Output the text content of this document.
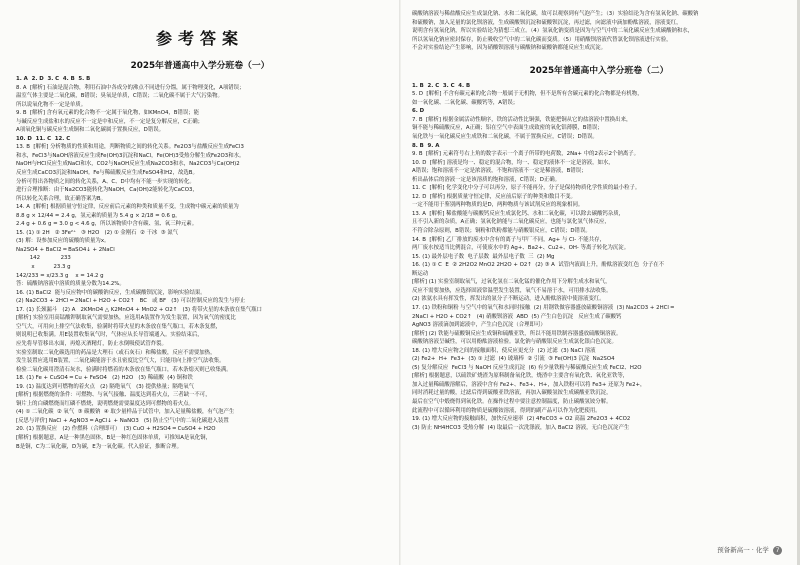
参考答案
2025年普通高中入学分班卷（一）

1. A  2. D  3. C  4. B  5. B

8. A  [解析] 石油是混合物，利用石油中各成分的沸点不同进行分馏，属于物理变化，A项错误；

温室气体主要是二氧化碳，B错误；臭氧是单质，C错误；二氧化碳不属于大气污染物。

所以说氧化物不一定是单质。

9. B  [解析] 含有氧元素的化合物不一定属于氧化物，如KMnO4，B错误；能

与碱反应生成盐和水的反应不一定是中和反应，不一定是复分解反应，C正确；

A项氧化铜与碳反应生成铜和二氧化碳属于置换反应，D错误。

10. D  11. C  12. C

13. B  [解析] 分析物质的性质和用途，判断物质之间的转化关系。Fe2O3与盐酸反应生成FeCl3

和水，FeCl3与NaOH溶液反应生成Fe(OH)3沉淀和NaCl，Fe(OH)3受热分解生成Fe2O3和水。

NaOH与HCl反应生成NaCl和水，CO2与NaOH反应生成Na2CO3和水，Na2CO3与Ca(OH)2

反应生成CaCO3沉淀和NaOH。Fe与稀硫酸反应生成FeSO4和H2，故选B。

分析可得出各物质之间的转化关系，A、C、D中均有不能一步实现的转化。

进行合理推断：由于Na2CO3能转化为NaOH，Ca(OH)2能转化为CaCO3，

所以转化关系合理，故正确答案为B。

14. A  [解析] 根据质量守恒定律，反应前后元素的种类和质量不变，生成物中碳元素的质量为

8.8 g × 12/44 = 2.4 g，氢元素的质量为 5.4 g × 2/18 = 0.6 g，

2.4 g + 0.6 g = 3.0 g < 4.6 g，所以该物质中含有碳、氢、氧三种元素。

15. (1) ① 2H   ② 3Fe²⁺   ③ H2O   (2) ① 金刚石  ② 干冰  ③ 氮气

(3) 解：设参加反应的硫酸的质量为x。

Na2SO4 + BaCl2 ═ BaSO4↓ + 2NaCl

142            233

x           23.3 g

142/233 = x/23.3 g    x = 14.2 g

答：硫酸钠溶液中溶质的质量分数为14.2%。

16. (1) BaCl2  能与反应物中的碳酸钠反应，生成碳酸钡沉淀，影响实验结果。

(2) Na2CO3 + 2HCl ═ 2NaCl + H2O + CO2↑   BC   或 BF   (3) 可以控制反应的发生与停止

17. (1) 长颈漏斗   (2) A   2KMnO4 △ K2MnO4 + MnO2 + O2↑   (3) 将带火星的木条放在集气瓶口

[解析] 实验室用高锰酸钾制取氧气需要加热，应选用A装置作为发生装置，因为氧气的密度比

空气大，可用向上排空气法收集，验满时将带火星的木条放在集气瓶口，若木条复燃，

则说明已收集满。用E装置收集氧气时，气体应从长导管端通入。实验结束后，

应先将导管移出水面，再熄灭酒精灯，防止水倒吸使试管炸裂。

实验室制取二氧化碳选用的药品是大理石（或石灰石）和稀盐酸，反应不需要加热，

发生装置应选用B装置，二氧化碳能溶于水且密度比空气大，只能用向上排空气法收集。

检验二氧化碳用澄清石灰水，验满时将燃着的木条放在集气瓶口，若木条熄灭则已收集满。

18. (1) Fe + CuSO4 ═ Cu + FeSO4   (2) H2O   (3) 稀硫酸  (4) 铜和铁

19. (1) 温度达到可燃物的着火点   (2) 隔绝氧气   (3) 提供热量；隔绝氧气

[解析] 根据燃烧的条件：可燃物、与氧气接触、温度达到着火点，三者缺一不可，

铜片上的白磷燃烧而红磷不燃烧，说明燃烧需要温度达到可燃物的着火点。

(4) ① 二氧化碳  ② 氧气  ③ 碳酸钠  ④ 取少量样品于试管中，加入足量稀盐酸，有气泡产生

[反思与评价] NaCl + AgNO3 ═ AgCl↓ + NaNO3   (5) 防止空气中的二氧化碳进入装置

20. (1) 置换反应   (2) 作燃料（合理即可）  (3) CuO + H2SO4 ═ CuSO4 + H2O

[解析] 根据题意，A是一种黑色固体，B是一种红色固体单质，可推知A是氧化铜，

B是铜，C为二氧化碳，D为碳，E为一氧化碳。代入验证，推断合理。

碳酸钠溶液与稀盐酸反应生成氯化钠、水和二氧化碳，故可以观察到有气泡产生；（3）实验结论为含有氢氧化钠、碳酸钠

和硫酸钠，加入足量的氯化钡溶液，生成碳酸钡沉淀和硫酸钡沉淀，再过滤，向滤液中滴加酚酞溶液，溶液变红，

说明含有氢氧化钠，所以实验结论为猜想三成立。（4）氢氧化钠变质是因为与空气中的二氧化碳反应生成碳酸钠和水，

所以氢氧化钠应密封保存，防止吸收空气中的二氧化碳而变质。（5）用硝酸钡溶液代替氯化钡溶液进行实验，

不会对实验结论产生影响，因为硝酸钡溶液与碳酸钠和硫酸钠都能反应生成沉淀。

2025年普通高中入学分班卷（二）

1. B  2. C  3. C  4. B

5. D  [解析] 不含有碳元素的化合物一般属于无机物，但不是所有含碳元素的化合物都是有机物，

如一氧化碳、二氧化碳、碳酸钙等，A错误；

6. D

7. B  [解析] 根据金属活动性顺序，铁的活动性比铜强，铁能把铜从它的盐溶液中置换出来，

铜不能与稀硫酸反应，A正确；铝在空气中表面生成致密的氧化铝薄膜，B错误；

氧化铁与一氧化碳反应生成铁和二氧化碳，不属于置换反应，C错误；D错误。

8. B  9. A

9. B  [解析] 元素符号右上角的数字表示一个离子所带的电荷数，2Na+ 中的2表示2个钠离子。

10. D  [解析] 溶液是均一、稳定的混合物，均一、稳定的液体不一定是溶液，如水，

A错误；饱和溶液不一定是浓溶液，不饱和溶液不一定是稀溶液，B错误；

析出晶体后的溶液一定是该溶质的饱和溶液，C错误；D正确。

11. C  [解析] 化学变化中分子可以再分，原子不能再分，分子是保持物质化学性质的最小粒子。

12. D  [解析] 根据质量守恒定律，反应前后原子的种类和数目不变。

一定不能用于鉴别两种物质的是D，两种物质与该试剂反应的现象相同。

13. A  [解析] 稀盐酸能与碳酸钙反应生成氯化钙、水和二氧化碳，可以除去碳酸钙杂质，

且不引入新的杂质，A正确；氢氧化钠能与二氧化碳反应，也能与氯化氢气体反应，

不符合除杂原则，B错误；铜粉和铁粉都能与硝酸银反应，C错误；D错误。

14. B  [解析] 乙厂排放的废水中含有的离子与甲厂不同，Ag+ 与 Cl- 不能共存，

两厂废水按适当比例混合，可使废水中的 Ag+、Ba2+、Cu2+、OH- 等离子转化为沉淀。

15. (1) 最外层电子数  电子层数  最外层电子数  三  (2) Mg

16. (1) ① C  E  ② 2H2O2 MnO2 2H2O + O2↑  (2) ③ A  试管内液面上升，酚酞溶液变红色  分子在不

断运动

[解析] (1) 实验室制取氧气，过氧化氢在二氧化锰的催化作用下分解生成水和氧气，

反应不需要加热，应选择固液常温型发生装置，氧气不易溶于水，可用排水法收集。

(2) 浓氨水具有挥发性，挥发出的氨分子不断运动，进入酚酞溶液中使溶液变红。

17. (1) 铁粉和铜粉 与空气中的氧气和水同时接触  (2) 用钢铁做容器盛放硫酸铜溶液  (3) Na2CO3 + 2HCl ═

2NaCl + H2O + CO2↑   (4) 硝酸钡溶液  ABD  (5) 产生白色沉淀   反应生成了碳酸钙

AgNO3 溶液滴加到滤液中，产生白色沉淀（合理即可）

[解析] (2) 铁能与硫酸铜反应生成铜和硫酸亚铁，所以不能用铁制容器盛放硫酸铜溶液。

碳酸钠溶液呈碱性，可以用酚酞溶液检验。氯化钠与硝酸银反应生成氯化银白色沉淀。

18. (1) 增大反应物之间的接触面积，使反应更充分  (2) 过滤  (3) NaCl 溶液

(2) Fe2+  H+  Fe3+  (3) ① 过滤  (4) 玻璃棒  ② 引流  ③ Fe(OH)3 沉淀  Na2SO4

(5) 复分解反应  FeCl3 与 NaOH 反应生成沉淀  (6) 有少量铁粉与稀硫酸反应生成 FeCl2、H2O

[解析] 根据题意，以硫铁矿烧渣为原料制备氧化铁，烧渣中主要含有氧化铁、氧化亚铁等，

加入过量稀硫酸溶解后，溶液中含有 Fe2+、Fe3+、H+，加入铁粉可以将 Fe3+ 还原为 Fe2+，

同时消耗过量的酸，过滤后得到硫酸亚铁溶液，再加入碳酸氢铵生成碳酸亚铁沉淀，

最后在空气中煅烧得到氧化铁。在操作过程中要注意控制温度，防止碳酸氢铵分解。

此流程中可以循环利用的物质是硫酸铵溶液，得到的副产品可以作为化肥使用。

19. (1) 增大反应物的接触面积，加快反应速率  (2) 4FeCO3 + O2 高温 2Fe2O3 + 4CO2

(3) 防止 NH4HCO3 受热分解  (4) 取最后一次洗涤液，加入 BaCl2 溶液，无白色沉淀产生

预备新高一 · 化学 7
